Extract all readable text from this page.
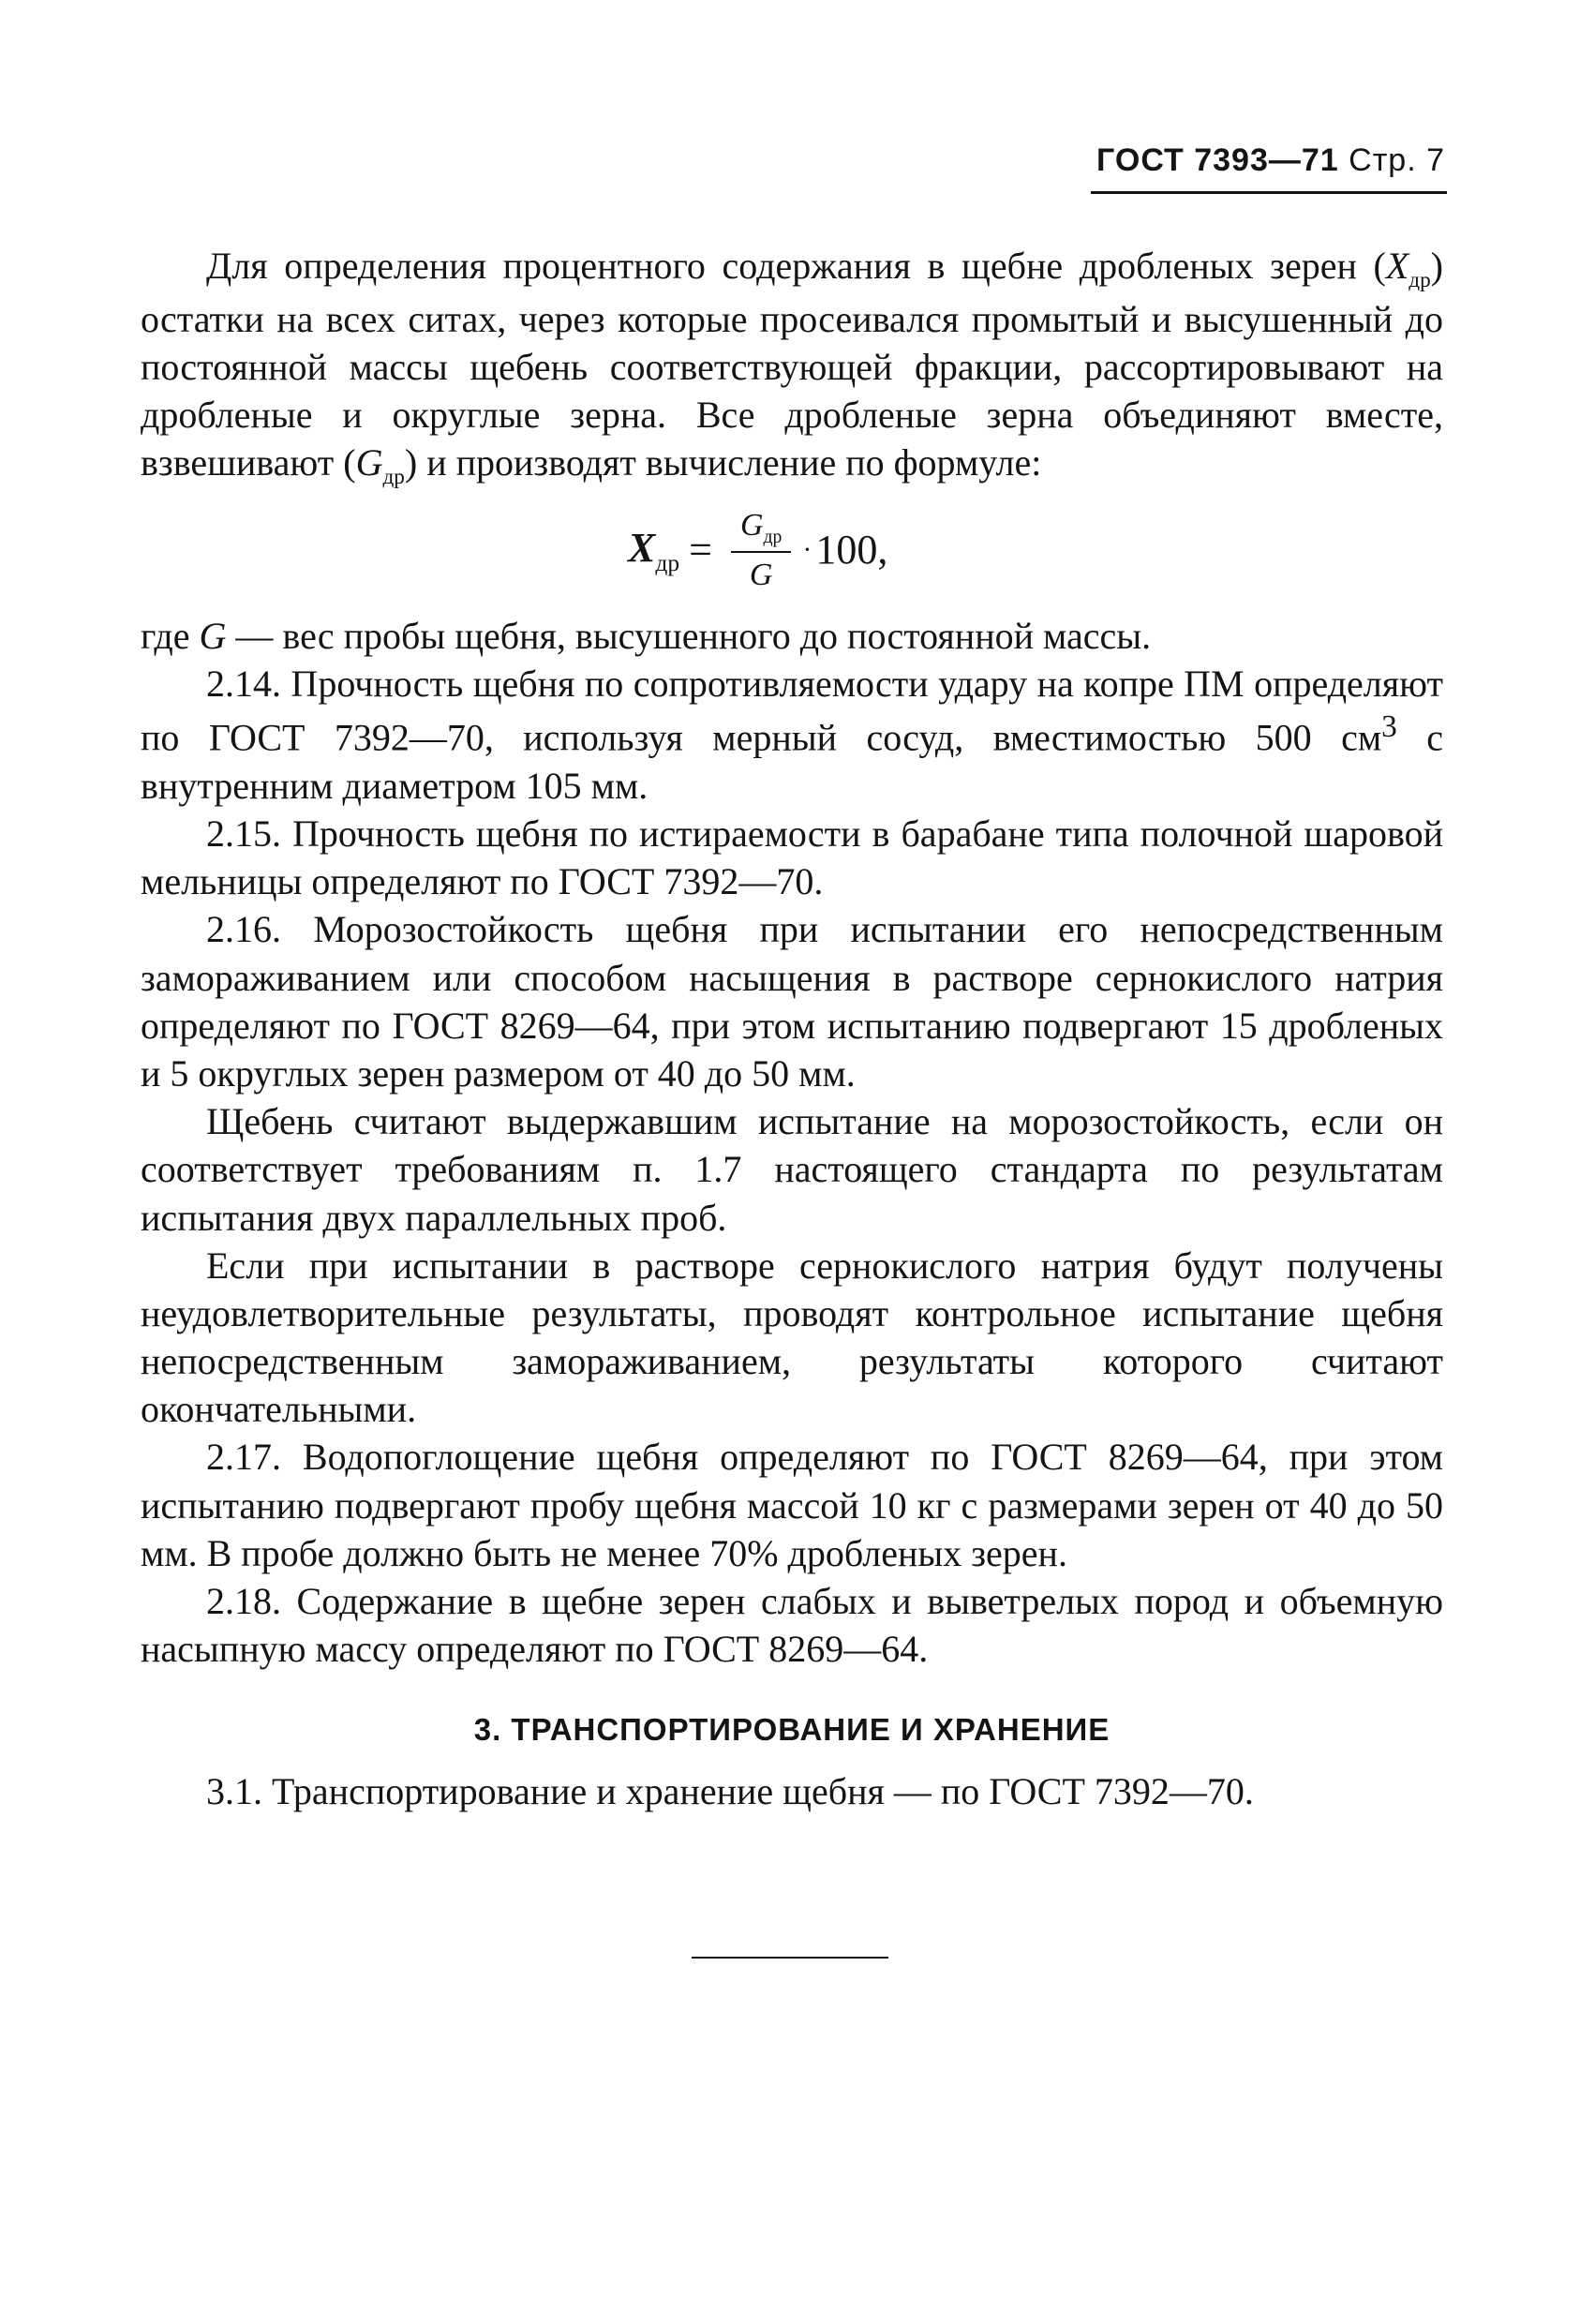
ГОСТ 7393—71 Стр. 7

Для определения процентного содержания в щебне дробленых зерен $(X_{др})$ остатки на всех ситах, через которые просеивался промытый и высушенный до постоянной массы щебень соответствующей фракции, рассортировывают на дробленые и округлые зерна. Все дробленые зерна объединяют вместе, взвешивают $(G_{др})$ и производят вычисление по формуле:

$X_{др} = \frac{G_{др}}{G} \cdot 100$,

где G — вес пробы щебня, высушенного до постоянной массы.

2.14. Прочность щебня по сопротивляемости удару на копре ПМ определяют по ГОСТ 7392—70, используя мерный сосуд, вместимостью 500 $см^3$ с внутренним диаметром 105 мм.

2.15. Прочность щебня по истираемости в барабане типа полочной шаровой мельницы определяют по ГОСТ 7392—70.

2.16. Морозостойкость щебня при испытании его непосредственным замораживанием или способом насыщения в растворе сернокислого натрия определяют по ГОСТ 8269—64, при этом испытанию подвергают 15 дробленых и 5 округлых зерен размером от 40 до 50 мм.

Щебень считают выдержавшим испытание на морозостойкость, если он соответствует требованиям п. 1.7 настоящего стандарта по результатам испытания двух параллельных проб.

Если при испытании в растворе сернокислого натрия будут получены неудовлетворительные результаты, проводят контрольное испытание щебня непосредственным замораживанием, результаты которого считают окончательными.

2.17. Водопоглощение щебня определяют по ГОСТ 8269—64, при этом испытанию подвергают пробу щебня массой 10 кг с размерами зерен от 40 до 50 мм. В пробе должно быть не менее 70% дробленых зерен.

2.18. Содержание в щебне зерен слабых и выветрелых пород и объемную насыпную массу определяют по ГОСТ 8269—64.

3. ТРАНСПОРТИРОВАНИЕ И ХРАНЕНИЕ

3.1. Транспортирование и хранение щебня — по ГОСТ 7392—70.
